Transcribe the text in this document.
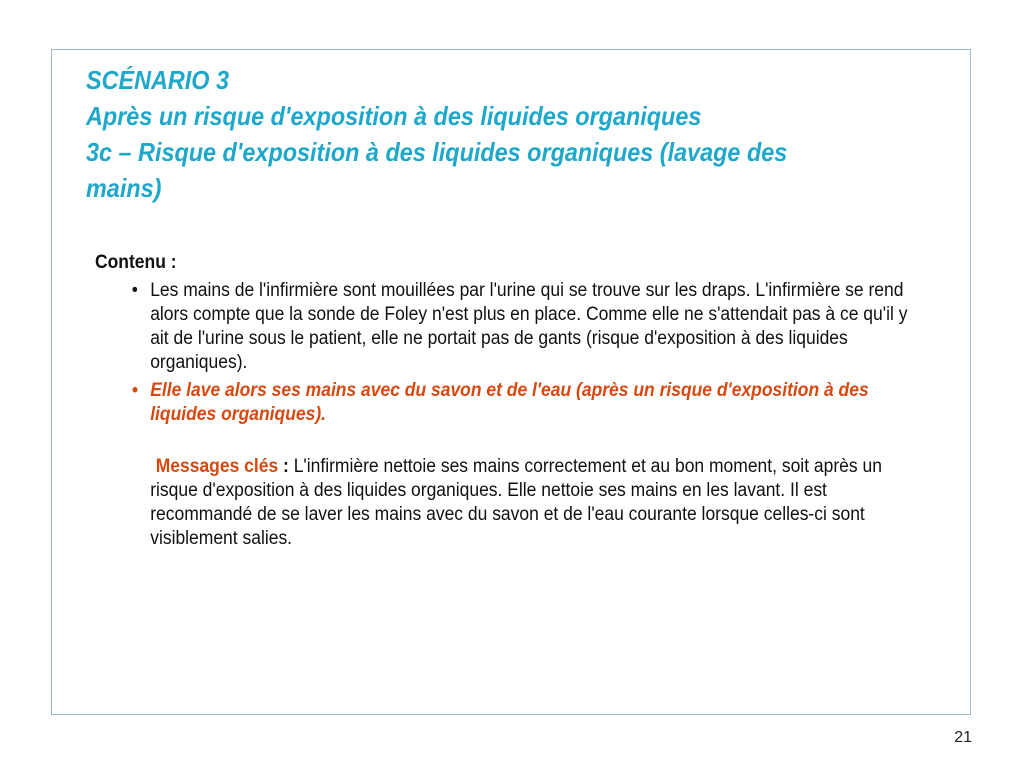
SCÉNARIO 3
Après un risque d'exposition à des liquides organiques
3c – Risque d'exposition à des liquides organiques (lavage des
mains)
Contenu :
• Les mains de l'infirmière sont mouillées par l'urine qui se trouve sur les draps. L'infirmière se rend alors compte que la sonde de Foley n'est plus en place. Comme elle ne s'attendait pas à ce qu'il y ait de l'urine sous le patient, elle ne portait pas de gants (risque d'exposition à des liquides organiques).
• Elle lave alors ses mains avec du savon et de l'eau (après un risque d'exposition à des liquides organiques).
Messages clés : L'infirmière nettoie ses mains correctement et au bon moment, soit après un risque d'exposition à des liquides organiques. Elle nettoie ses mains en les lavant. Il est recommandé de se laver les mains avec du savon et de l'eau courante lorsque celles-ci sont visiblement salies.
21
